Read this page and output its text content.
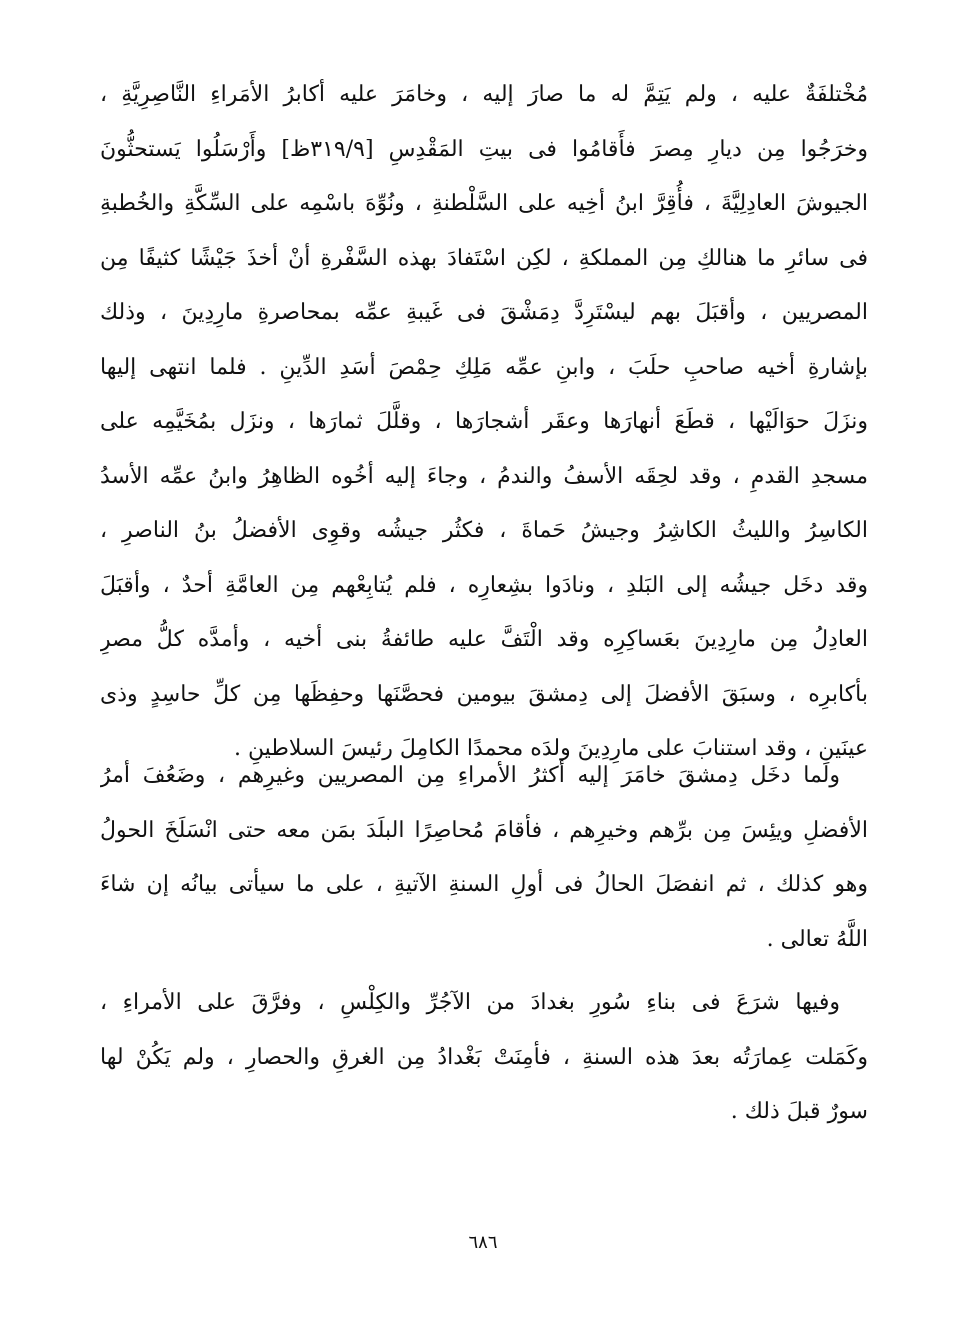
مُخْتلفَةٌ عليه ، ولم يَتِمَّ له ما صارَ إليه ، وخامَرَ عليه أكابرُ الأمَراءِ النَّاصِرِيَّةِ ،
وخرَجُوا مِن ديارِ مِصرَ فأَقامُوا فى بيتِ المَقْدِسِ [٣١٩/٩ظ] وأَرْسَلُوا يَستحثُّونَ
الجيوشَ العادِلِيَّةَ ، فأُقِرَّ ابنُ أخِيه على السَّلْطنةِ ، ونُوِّهَ باسْمِه على السِّكَّةِ والخُطبةِ
فى سائرِ ما هنالكِ مِن المملكةِ ، لكِن اسْتَفادَ بهذه السَّفْرةِ أنْ أخذَ جَيْشًا كثيفًا مِن
المصريين ، وأقبَلَ بهم ليسْتَرِدَّ دِمَشْقَ فى غَيبةِ عمِّه بمحاصرةِ مارِدِينَ ، وذلك
بإشارةِ أخيه صاحبِ حلَبَ ، وابنِ عمِّه مَلِكِ حِمْصَ أسَدِ الدِّينِ . فلما انتهى إليها
ونزَلَ حوَالَيْها ، قطَعَ أنهارَها وعقَر أشجارَها ، وقلَّلَ ثمارَها ، ونزَل بمُخَيَّمِه على
مسجدِ القدمِ ، وقد لحِقَه الأسفُ والندمُ ، وجاءَ إليه أخُوه الظاهِرُ وابنُ عمِّه الأسدُ
الكاسِرُ والليثُ الكاشِرُ وجيشُ حَماةَ ، فكثُر جيشُه وقوِى الأفضلُ بنُ الناصرِ ،
وقد دخَل جيشُه إلى البَلدِ ، ونادَوا بشِعارِه ، فلم يُتابِعْهم مِن العامَّةِ أحدٌ ، وأقبَلَ
العادِلُ مِن مارِدِينَ بعَساكِرِه وقد الْتَفَّ عليه طائفةُ بنى أخيه ، وأمدَّه كلُّ مصرِ
بأكابرِه ، وسبَقَ الأفضلَ إلى دِمشقَ بيومين فحصَّنَها وحفِظَها مِن كلِّ حاسِدٍ وذى
عينَينِ ، وقد استنابَ على مارِدِينَ ولدَه محمدًا الكامِلَ رئيسَ السلاطينِ .
ولما دخَل دِمشقَ خامَرَ إليه أكثرُ الأمراءِ مِن المصريين وغيرِهم ، وضَعُفَ أمرُ
الأفضلِ ويئِسَ مِن برِّهم وخيرِهم ، فأقامَ مُحاصِرًا البلَدَ بمَن معه حتى انْسَلَخَ الحولُ
وهو كذلك ، ثم انفصَلَ الحالُ فى أولِ السنةِ الآتيةِ ، على ما سيأتى بيانُه إن شاءَ
اللَّهُ تعالى .
وفيها شرَعَ فى بناءِ سُورِ بغدادَ من الآجُرِّ والكِلْسِ ، وفرَّقَ على الأمراءِ ،
وكَمَلت عِمارَتُه بعدَ هذه السنةِ ، فأمِنَتْ بَغْدادُ مِن الغرقِ والحصارِ ، ولم يَكُنْ لها
سورٌ قبلَ ذلك .
٦٨٦
